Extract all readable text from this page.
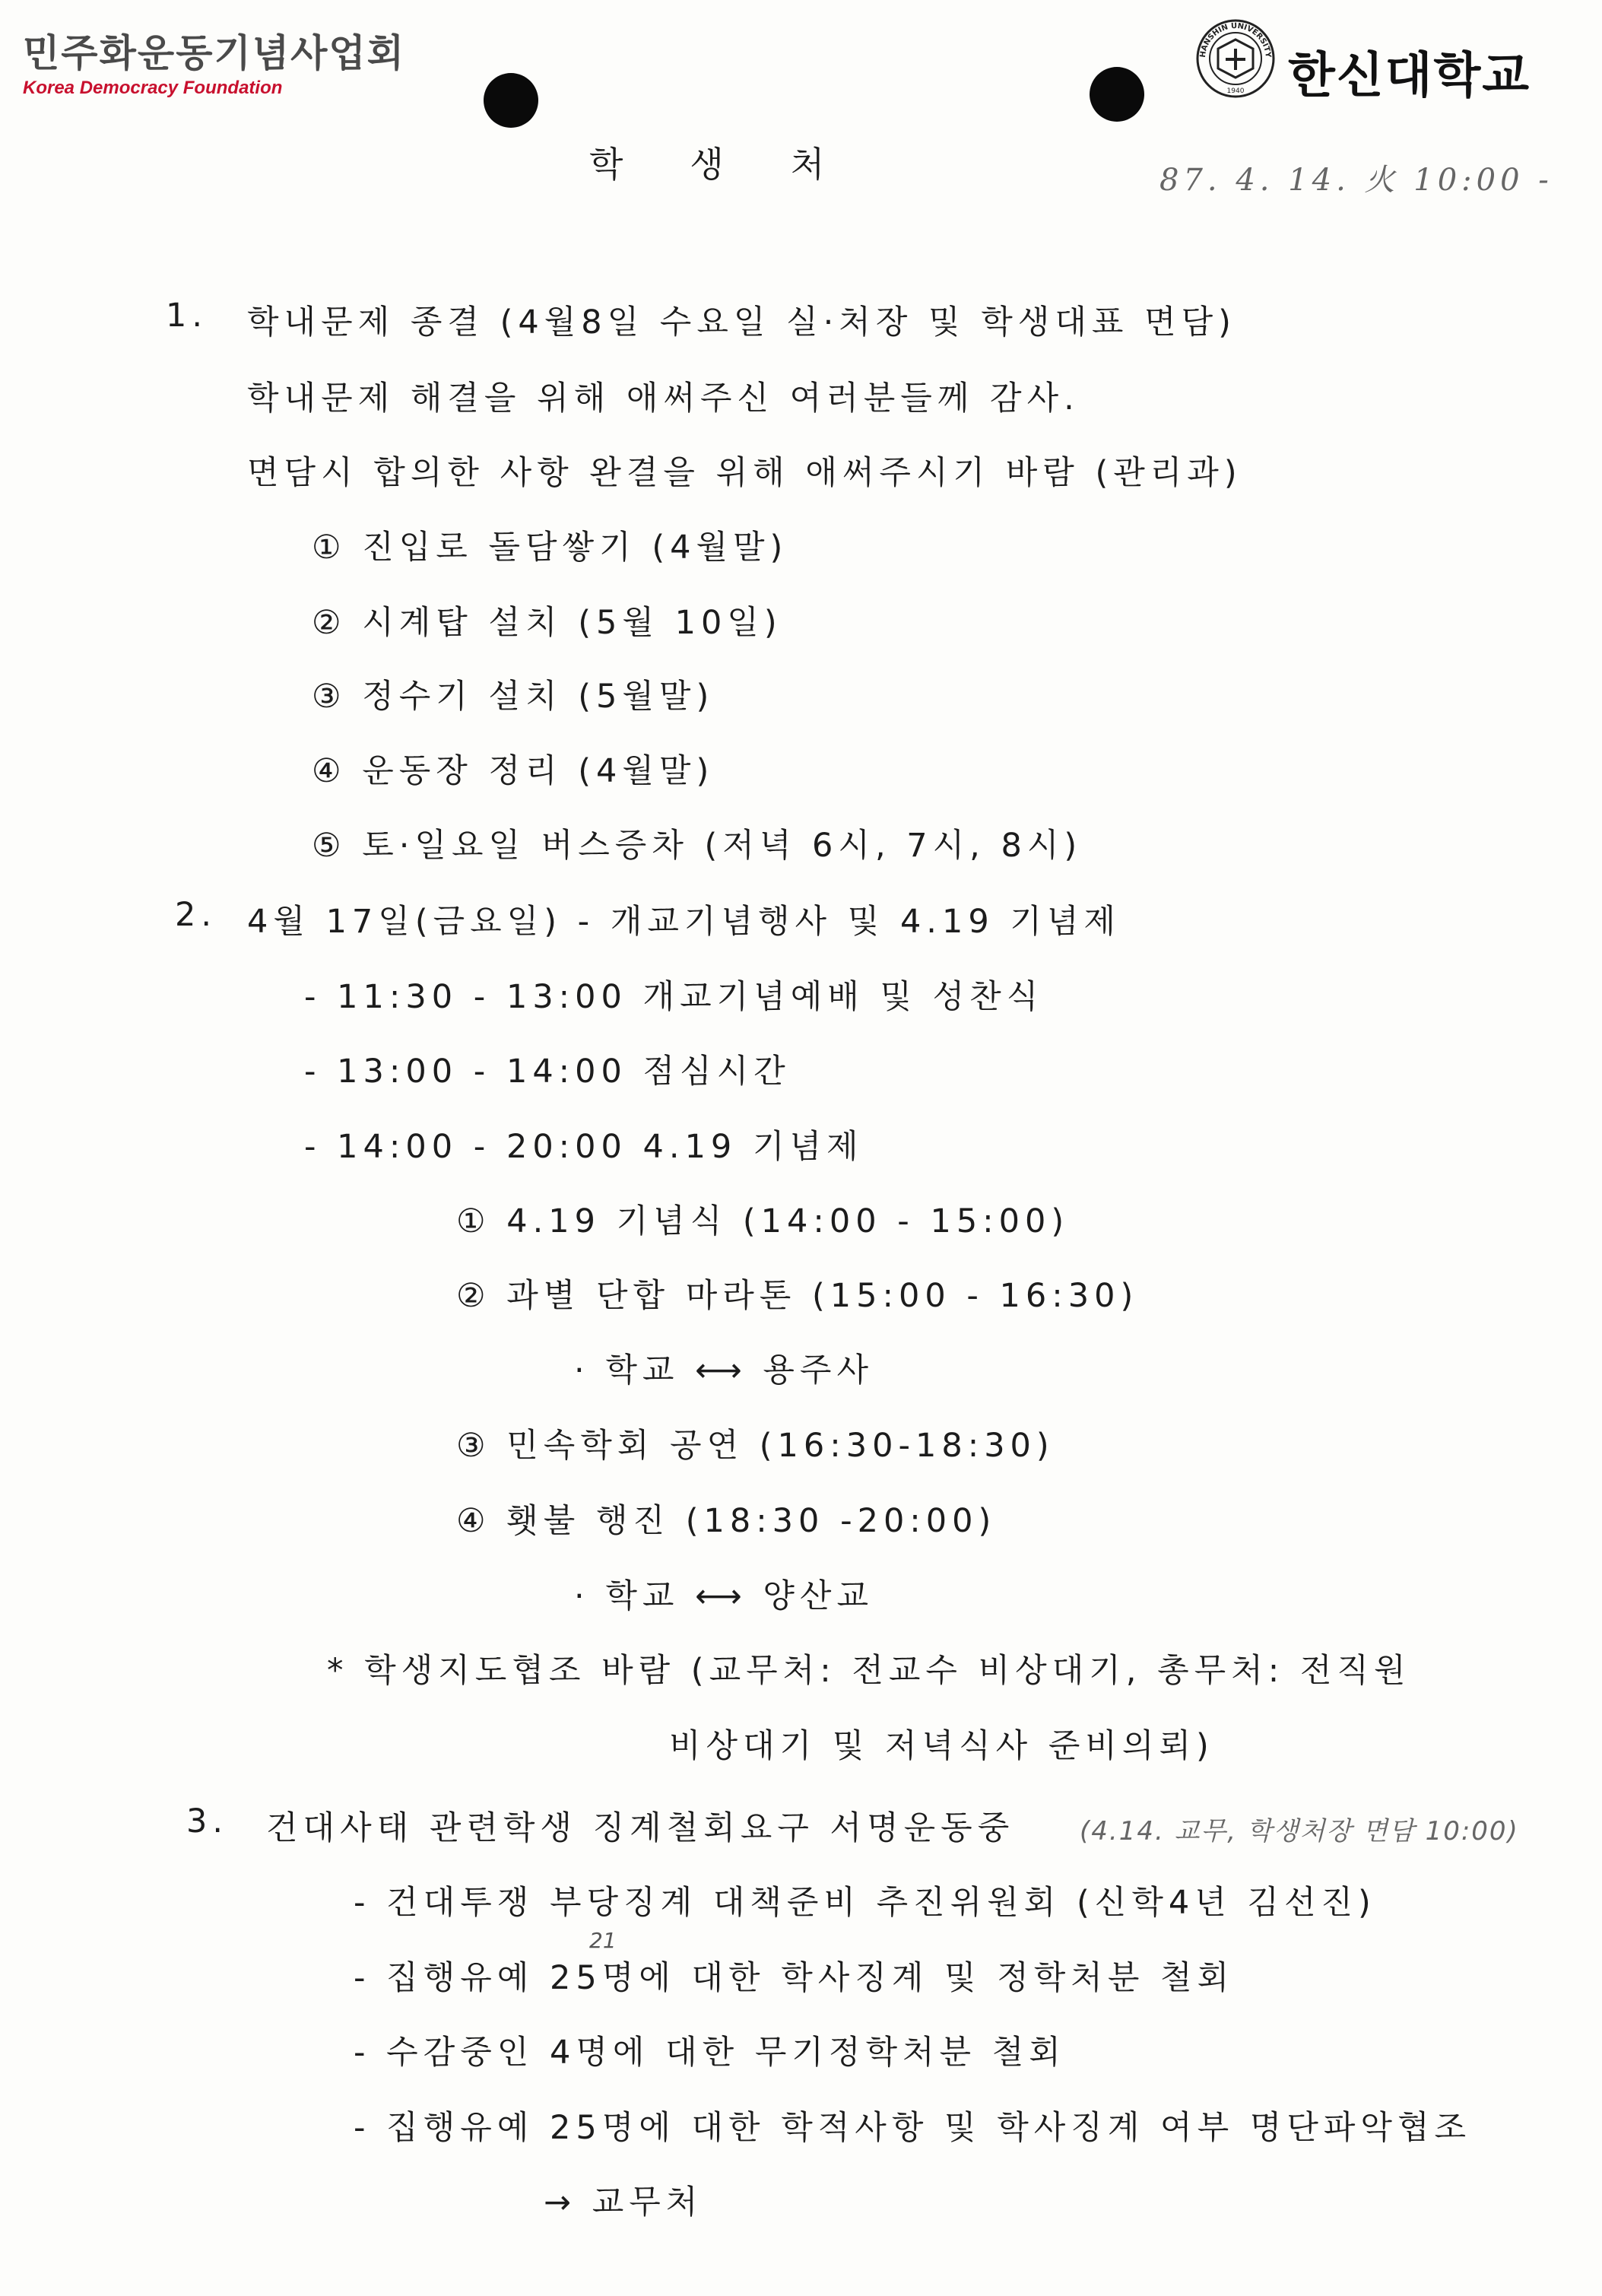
민주화운동기념사업회
Korea Democracy Foundation
HANSHIN UNIVERSITY
1940 한신대학교
학생처	87. 4. 14. 火 10:00 -
1. 학내문제 종결 (4월8일 수요일 실·처장 및 학생대표 면담)
학내문제 해결을 위해 애써주신 여러분들께 감사.
면담시 합의한 사항 완결을 위해 애써주시기 바람 (관리과)
① 진입로 돌담쌓기 (4월말)
② 시계탑 설치 (5월 10일)
③ 정수기 설치 (5월말)
④ 운동장 정리 (4월말)
⑤ 토·일요일 버스증차 (저녁 6시, 7시, 8시)
2. 4월 17일(금요일) - 개교기념행사 및 4.19 기념제
- 11:30 - 13:00 개교기념예배 및 성찬식
- 13:00 - 14:00 점심시간
- 14:00 - 20:00 4.19 기념제
① 4.19 기념식 (14:00 - 15:00)
② 과별 단합 마라톤 (15:00 - 16:30)
· 학교 ⟷ 용주사
③ 민속학회 공연 (16:30-18:30)
④ 횃불 행진 (18:30 -20:00)
· 학교 ⟷ 양산교
* 학생지도협조 바람 (교무처: 전교수 비상대기, 총무처: 전직원
비상대기 및 저녁식사 준비의뢰)
3. 건대사태 관련학생 징계철회요구 서명운동중	(4.14. 교무, 학생처장 면담 10:00)
- 건대투쟁 부당징계 대책준비 추진위원회 (신학4년 김선진)
21
- 집행유예 25명에 대한 학사징계 및 정학처분 철회
- 수감중인 4명에 대한 무기정학처분 철회
- 집행유예 25명에 대한 학적사항 및 학사징계 여부 명단파악협조
→ 교무처
